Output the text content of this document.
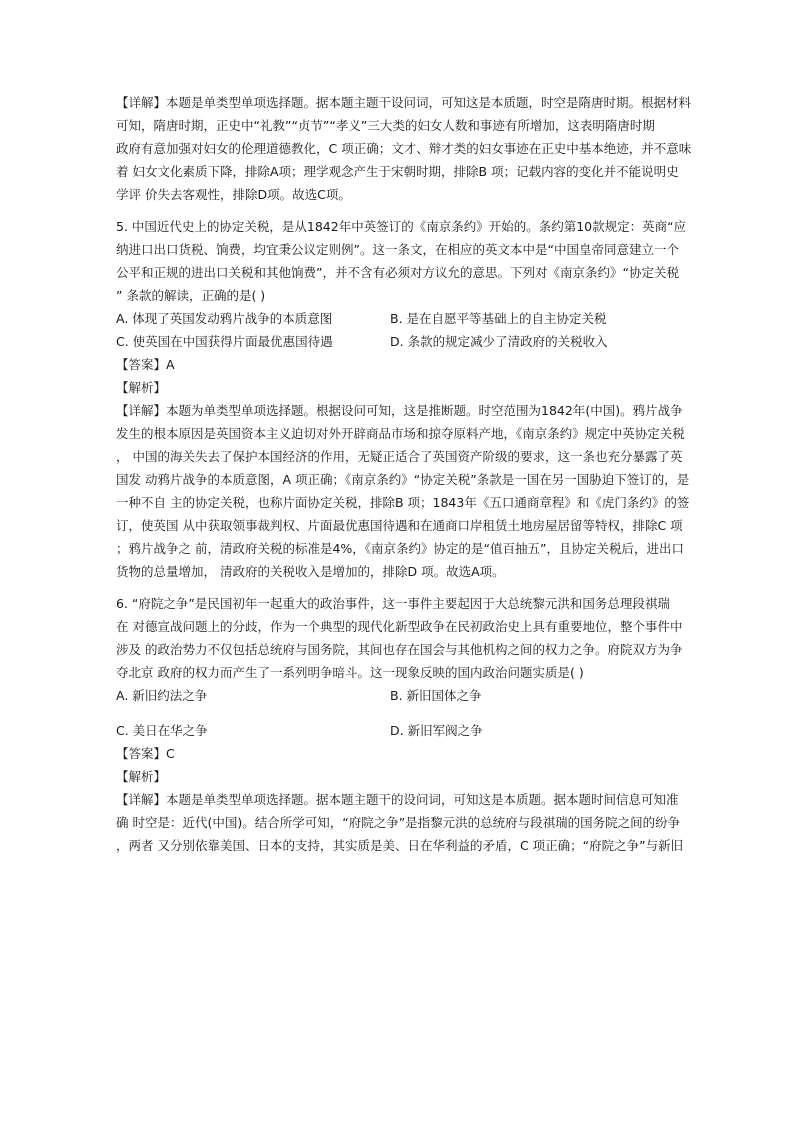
【详解】本题是单类型单项选择题。据本题主题干设问词，可知这是本质题，时空是隋唐时期。根据材料
可知，隋唐时期，正史中“礼教”“贞节”“孝义”三大类的妇女人数和事迹有所增加，这表明隋唐时期
政府有意加强对妇女的伦理道德教化，C 项正确；文才、辩才类的妇女事迹在正史中基本绝迹，并不意味
着 妇女文化素质下降，排除A项；理学观念产生于宋朝时期，排除B 项；记载内容的变化并不能说明史
学评 价失去客观性，排除D项。故选C项。
5. 中国近代史上的协定关税，是从1842年中英签订的《南京条约》开始的。条约第10款规定：英商“应
纳进口出口货税、饷费，均宜秉公议定则例”。这一条文，在相应的英文本中是“中国皇帝同意建立一个
公平和正规的进出口关税和其他饷费”，并不含有必须对方议允的意思。下列对《南京条约》“协定关税
” 条款的解读，正确的是( )
A. 体现了英国发动鸦片战争的本质意图	B. 是在自愿平等基础上的自主协定关税
C. 使英国在中国获得片面最优惠国待遇	D. 条款的规定减少了清政府的关税收入
【答案】A
【解析】
【详解】本题为单类型单项选择题。根据设问可知，这是推断题。时空范围为1842年(中国)。鸦片战争
发生的根本原因是英国资本主义迫切对外开辟商品市场和掠夺原料产地，《南京条约》规定中英协定关税
， 中国的海关失去了保护本国经济的作用，无疑正适合了英国资产阶级的要求，这一条也充分暴露了英
国发 动鸦片战争的本质意图，A 项正确；《南京条约》“协定关税”条款是一国在另一国胁迫下签订的，是
一种不自 主的协定关税，也称片面协定关税，排除B 项；1843年《五口通商章程》和《虎门条约》的签
订，使英国 从中获取领事裁判权、片面最优惠国待遇和在通商口岸租赁土地房屋居留等特权，排除C 项
；鸦片战争之 前，清政府关税的标准是4%，《南京条约》协定的是“值百抽五”，且协定关税后，进出口
货物的总量增加， 清政府的关税收入是增加的，排除D 项。故选A项。
6. “府院之争”是民国初年一起重大的政治事件，这一事件主要起因于大总统黎元洪和国务总理段祺瑞
在 对德宣战问题上的分歧，作为一个典型的现代化新型政争在民初政治史上具有重要地位，整个事件中
涉及 的政治势力不仅包括总统府与国务院，其间也存在国会与其他机构之间的权力之争。府院双方为争
夺北京 政府的权力而产生了一系列明争暗斗。这一现象反映的国内政治问题实质是( )
A. 新旧约法之争	B. 新旧国体之争
C. 美日在华之争	D. 新旧军阀之争
【答案】C
【解析】
【详解】本题是单类型单项选择题。据本题主题干的设问词，可知这是本质题。据本题时间信息可知准
确 时空是：近代(中国)。结合所学可知，“府院之争”是指黎元洪的总统府与段祺瑞的国务院之间的纷争
，两者 又分别依靠美国、日本的支持，其实质是美、日在华利益的矛盾，C 项正确；“府院之争”与新旧
